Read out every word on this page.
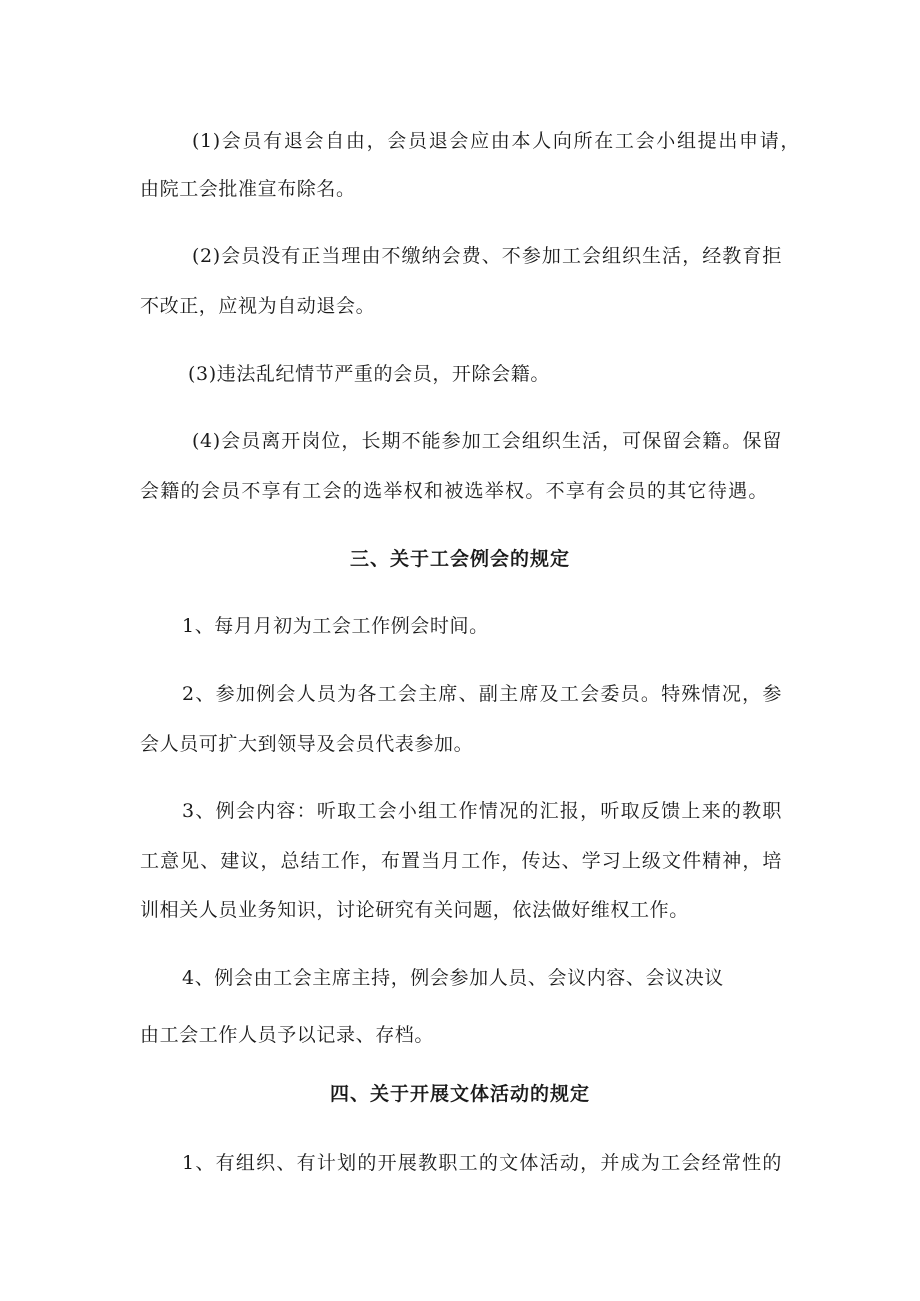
(1)会员有退会自由，会员退会应由本人向所在工会小组提出申请，
由院工会批准宣布除名。
(2)会员没有正当理由不缴纳会费、不参加工会组织生活，经教育拒
不改正，应视为自动退会。
(3)违法乱纪情节严重的会员，开除会籍。
(4)会员离开岗位，长期不能参加工会组织生活，可保留会籍。保留
会籍的会员不享有工会的选举权和被选举权。不享有会员的其它待遇。
三、关于工会例会的规定
1、每月月初为工会工作例会时间。
2、参加例会人员为各工会主席、副主席及工会委员。特殊情况，参
会人员可扩大到领导及会员代表参加。
3、例会内容：听取工会小组工作情况的汇报，听取反馈上来的教职
工意见、建议，总结工作，布置当月工作，传达、学习上级文件精神，培
训相关人员业务知识，讨论研究有关问题，依法做好维权工作。
4、例会由工会主席主持，例会参加人员、会议内容、会议决议
由工会工作人员予以记录、存档。
四、关于开展文体活动的规定
1、有组织、有计划的开展教职工的文体活动，并成为工会经常性的
